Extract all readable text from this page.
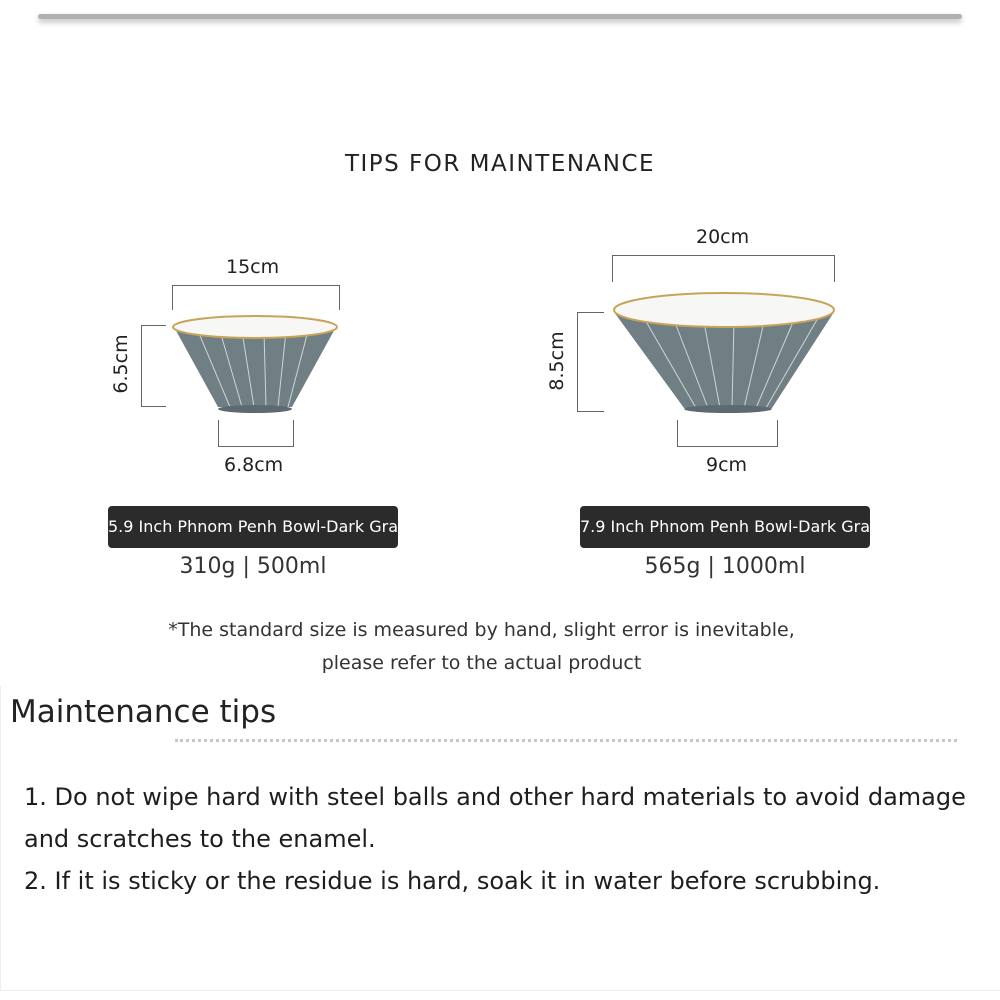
TIPS FOR MAINTENANCE
15cm
6.5cm
6.8cm
5.9 Inch Phnom Penh Bowl-Dark Gray
310g | 500ml
20cm
8.5cm
9cm
7.9 Inch Phnom Penh Bowl-Dark Gray
565g | 1000ml
*The standard size is measured by hand, slight error is inevitable,
please refer to the actual product
Maintenance tips
1. Do not wipe hard with steel balls and other hard materials to avoid damage and scratches to the enamel.
2. If it is sticky or the residue is hard, soak it in water before scrubbing.
